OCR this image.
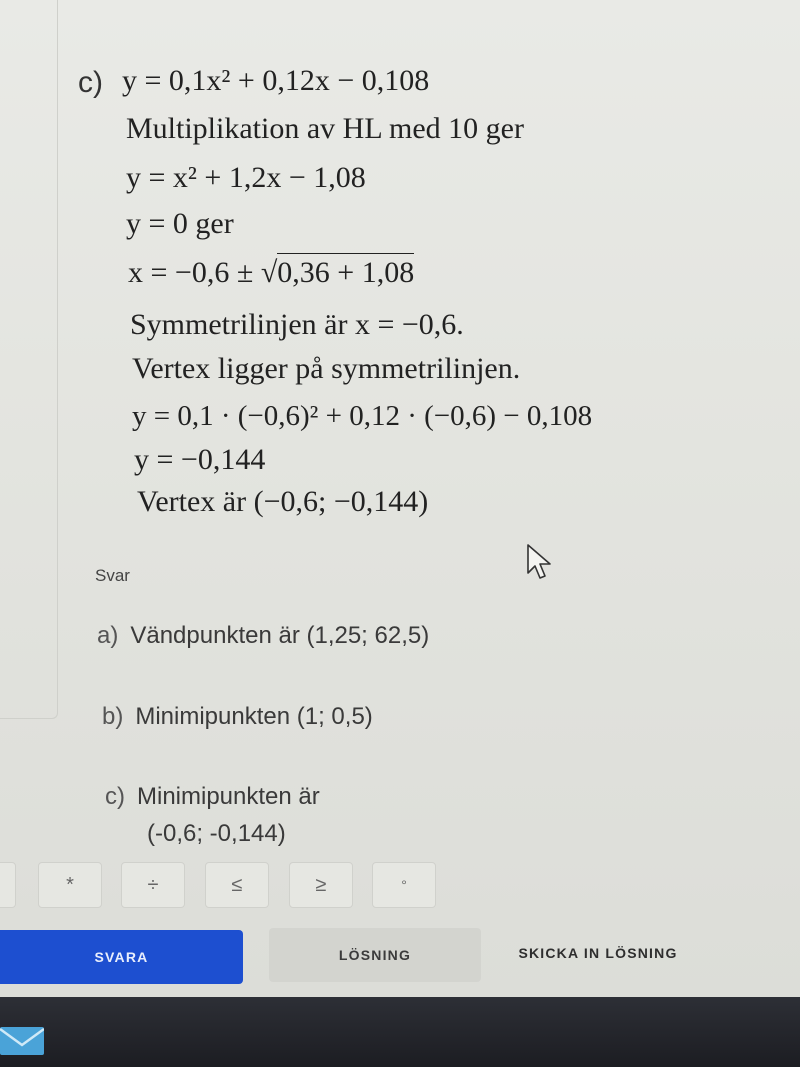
c) y = 0,1x² + 0,12x − 0,108
Multiplikation av HL med 10 ger
y = x² + 1,2x − 1,08
y = 0 ger
x = −0,6 ± √0,36 + 1,08
Symmetrilinjen är x = −0,6.
Vertex ligger på symmetrilinjen.
y = 0,1 · (−0,6)² + 0,12 · (−0,6) − 0,108
y = −0,144
Vertex är (−0,6; −0,144)
Svar
a) Vändpunkten är (1,25; 62,5)
b) Minimipunkten (1; 0,5)
c) Minimipunkten är
(-0,6; -0,144)
*	÷	≤	≥	°
SVARA	LÖSNING	SKICKA IN LÖSNING
